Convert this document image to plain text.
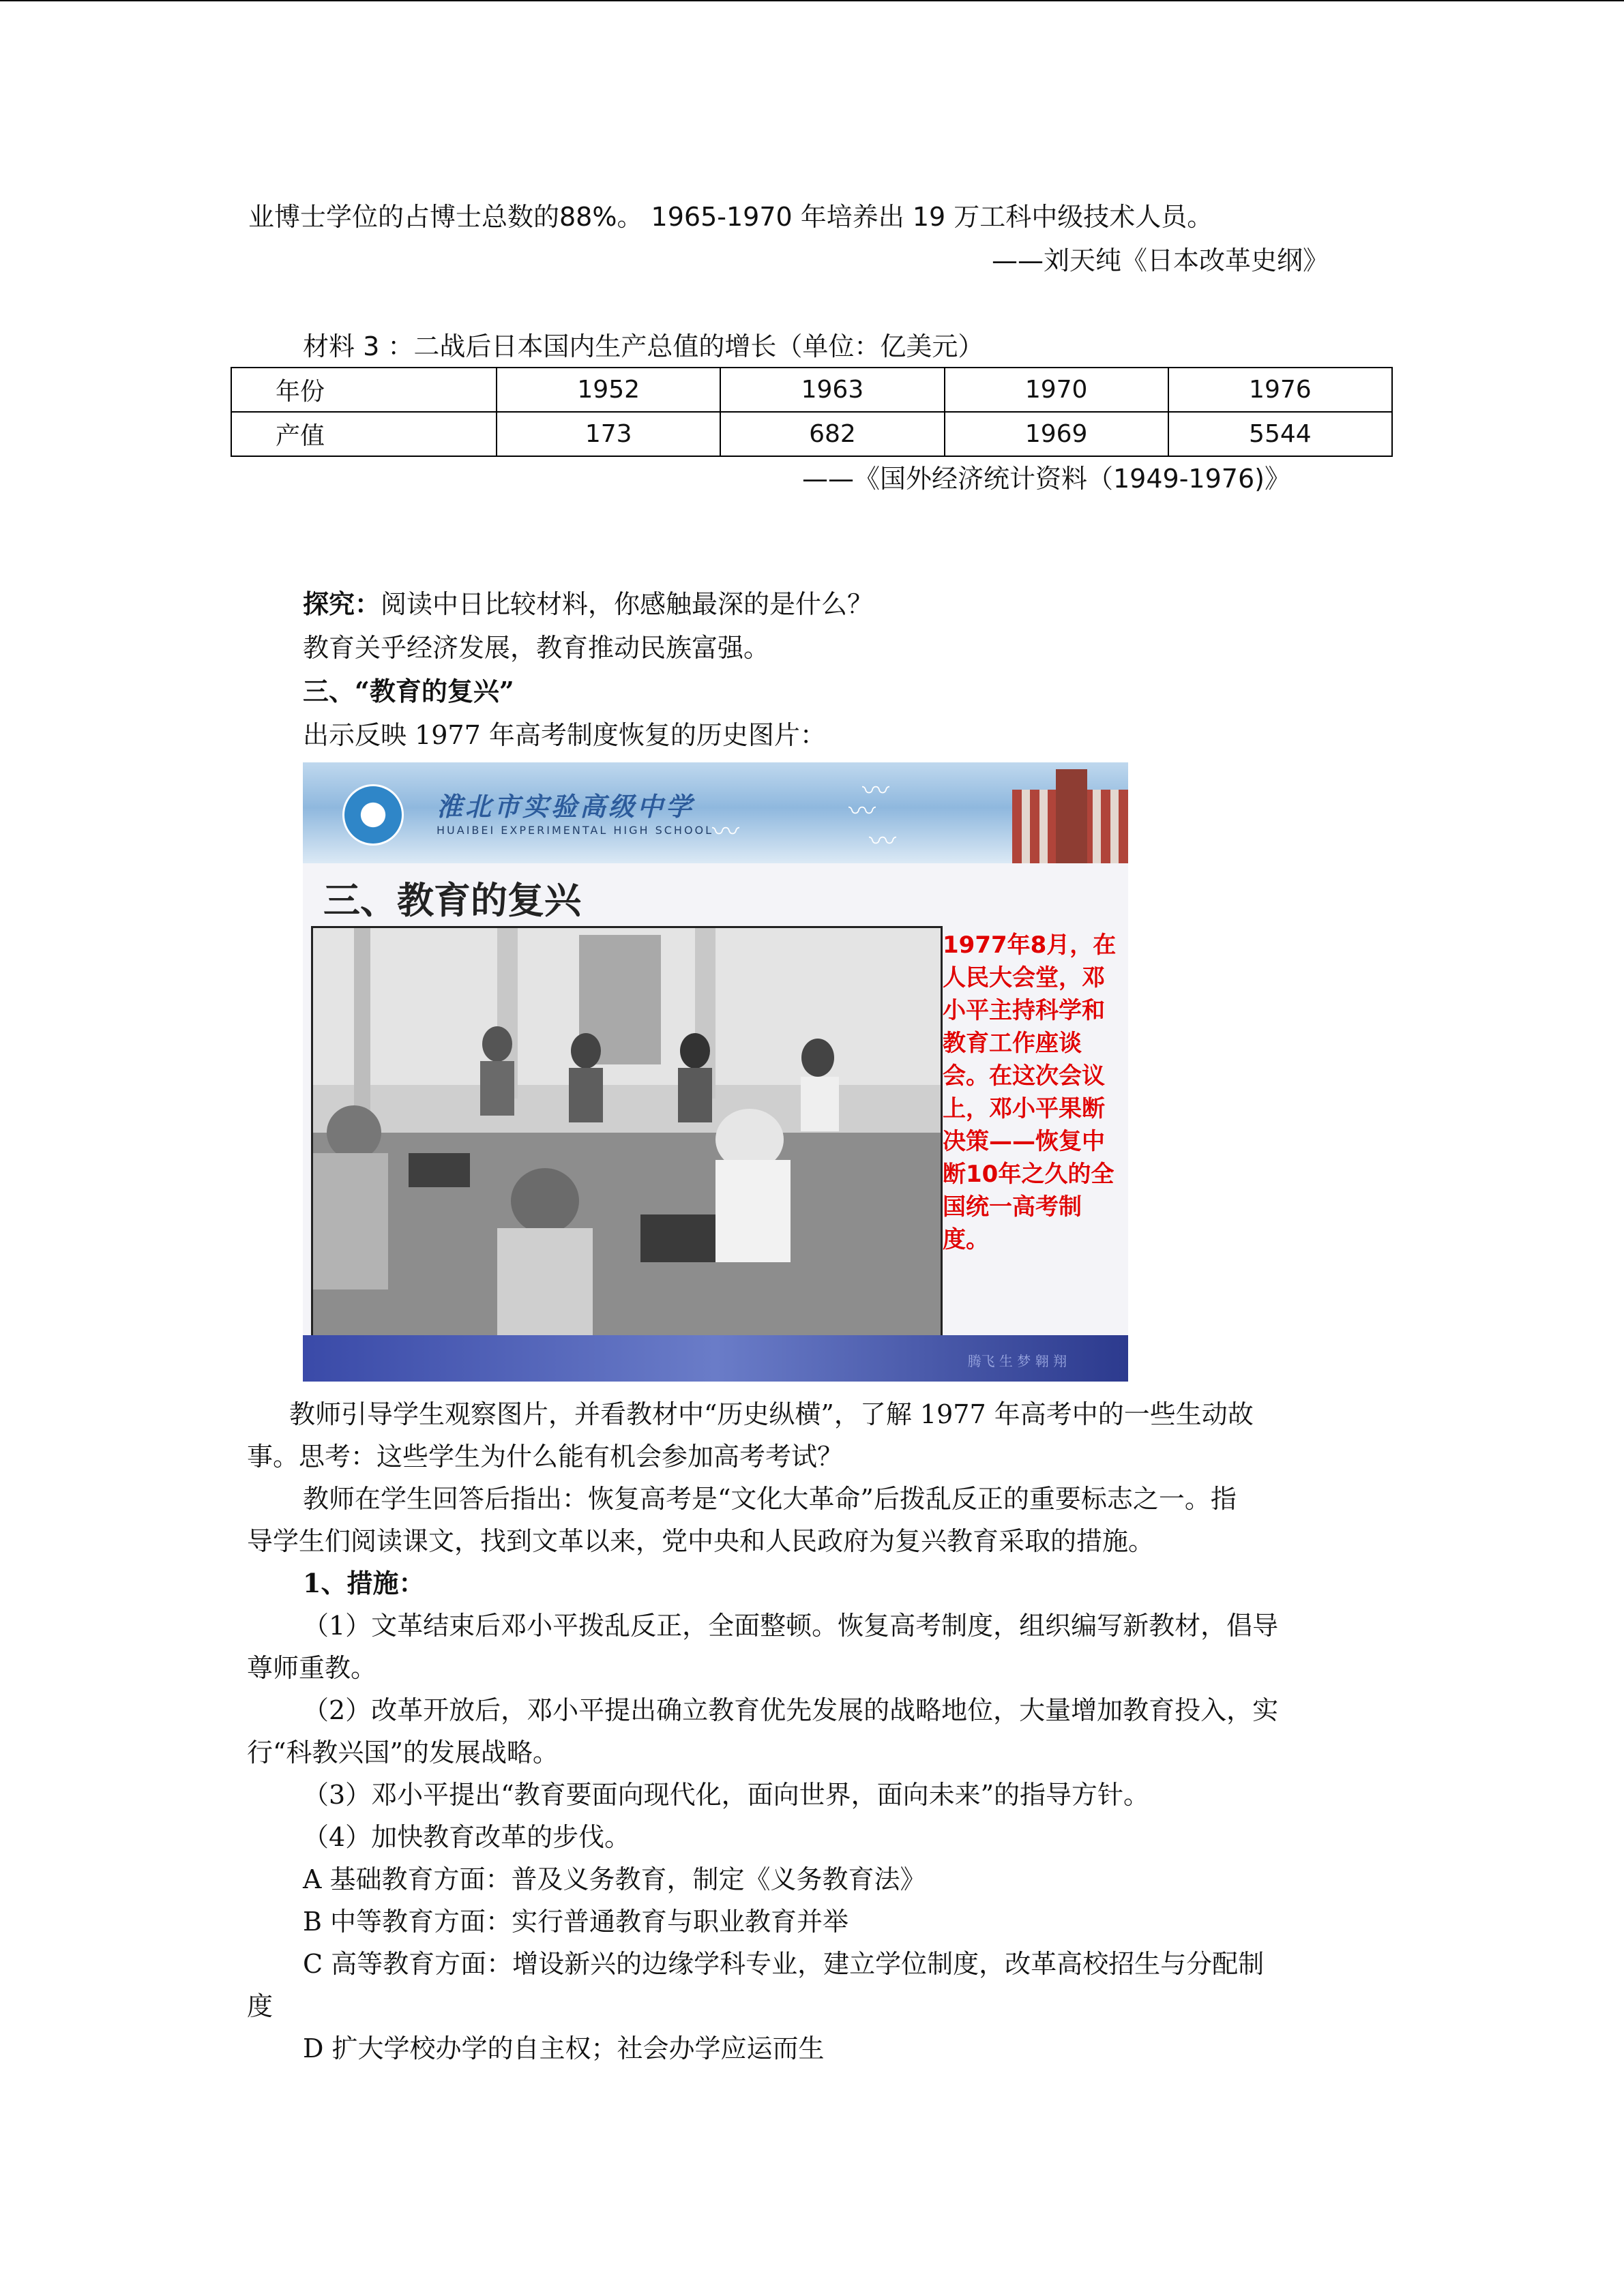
业博士学位的占博士总数的88%。 1965-1970 年培养出 19 万工科中级技术人员。
——刘天纯《日本改革史纲》
材料 3 ：二战后日本国内生产总值的增长（单位：亿美元）
年份	1952	1963	1970	1976
产值	173	682	1969	5544
——《国外经济统计资料（1949-1976)》
探究：阅读中日比较材料，你感触最深的是什么？
教育关乎经济发展，教育推动民族富强。
三、“教育的复兴”
出示反映 1977 年高考制度恢复的历史图片：
淮北市实验高级中学
HUAIBEI EXPERIMENTAL HIGH SCHOOL
〰
〰
〰
〰
三、教育的复兴
1977年8月，在人民大会堂，邓小平主持科学和教育工作座谈会。在这次会议上，邓小平果断决策——恢复中断10年之久的全国统一高考制度。
腾飞 生 梦 翱 翔
教师引导学生观察图片，并看教材中“历史纵横”，了解 1977 年高考中的一些生动故
事。思考：这些学生为什么能有机会参加高考考试？
教师在学生回答后指出：恢复高考是“文化大革命”后拨乱反正的重要标志之一。指
导学生们阅读课文，找到文革以来，党中央和人民政府为复兴教育采取的措施。
1、措施：
（1）文革结束后邓小平拨乱反正，全面整顿。恢复高考制度，组织编写新教材，倡导
尊师重教。
（2）改革开放后，邓小平提出确立教育优先发展的战略地位，大量增加教育投入，实
行“科教兴国”的发展战略。
（3）邓小平提出“教育要面向现代化，面向世界，面向未来”的指导方针。
（4）加快教育改革的步伐。
A 基础教育方面：普及义务教育，制定《义务教育法》
B 中等教育方面：实行普通教育与职业教育并举
C 高等教育方面：增设新兴的边缘学科专业，建立学位制度，改革高校招生与分配制
度
D 扩大学校办学的自主权；社会办学应运而生
